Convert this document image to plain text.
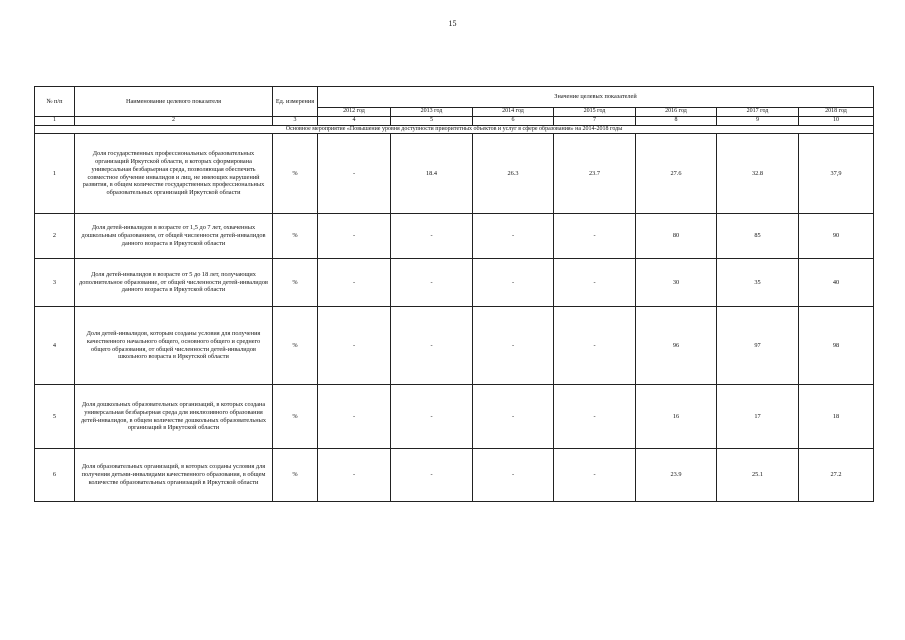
15
№ п/п	Наименование целевого показателя	Ед. измерения	Значение целевых показателей						
			2012 год	2013 год	2014 год	2015 год	2016 год	2017 год	2018 год
1	2	3	4	5	6	7	8	9	10
Основное мероприятие «Повышение уровня доступности приоритетных объектов и услуг в сфере образования» на 2014-2018 годы									
1	Доля государственных профессиональных образовательных организаций Иркутской области, в которых сформирована универсальная безбарьерная среда, позволяющая обеспечить совместное обучение инвалидов и лиц, не имеющих нарушений развития, в общем количестве государственных профессиональных образовательных организаций Иркутской области	%	-	18.4	26.3	23.7	27.6	32.8	37,9
2	Доля детей-инвалидов в возрасте от 1,5 до 7 лет, охваченных дошкольным образованием, от общей численности детей-инвалидов данного возраста в Иркутской области	%	-	-	-	-	80	85	90
3	Доля детей-инвалидов в возрасте от 5 до 18 лет, получающих дополнительное образование, от общей численности детей-инвалидов данного возраста в Иркутской области	%	-	-	-	-	30	35	40
4	Доля детей-инвалидов, которым созданы условия для получения качественного начального общего, основного общего и среднего общего образования, от общей численности детей-инвалидов школьного возраста в Иркутской области	%	-	-	-	-	96	97	98
5	Доля дошкольных образовательных организаций, в которых создана универсальная безбарьерная среда для инклюзивного образования детей-инвалидов, в общем количестве дошкольных образовательных организаций в Иркутской области	%	-	-	-	-	16	17	18
6	Доля образовательных организаций, в которых созданы условия для получения детьми-инвалидами качественного образования, в общем количестве образовательных организаций в Иркутской области	%	-	-	-	-	23.9	25.1	27.2
